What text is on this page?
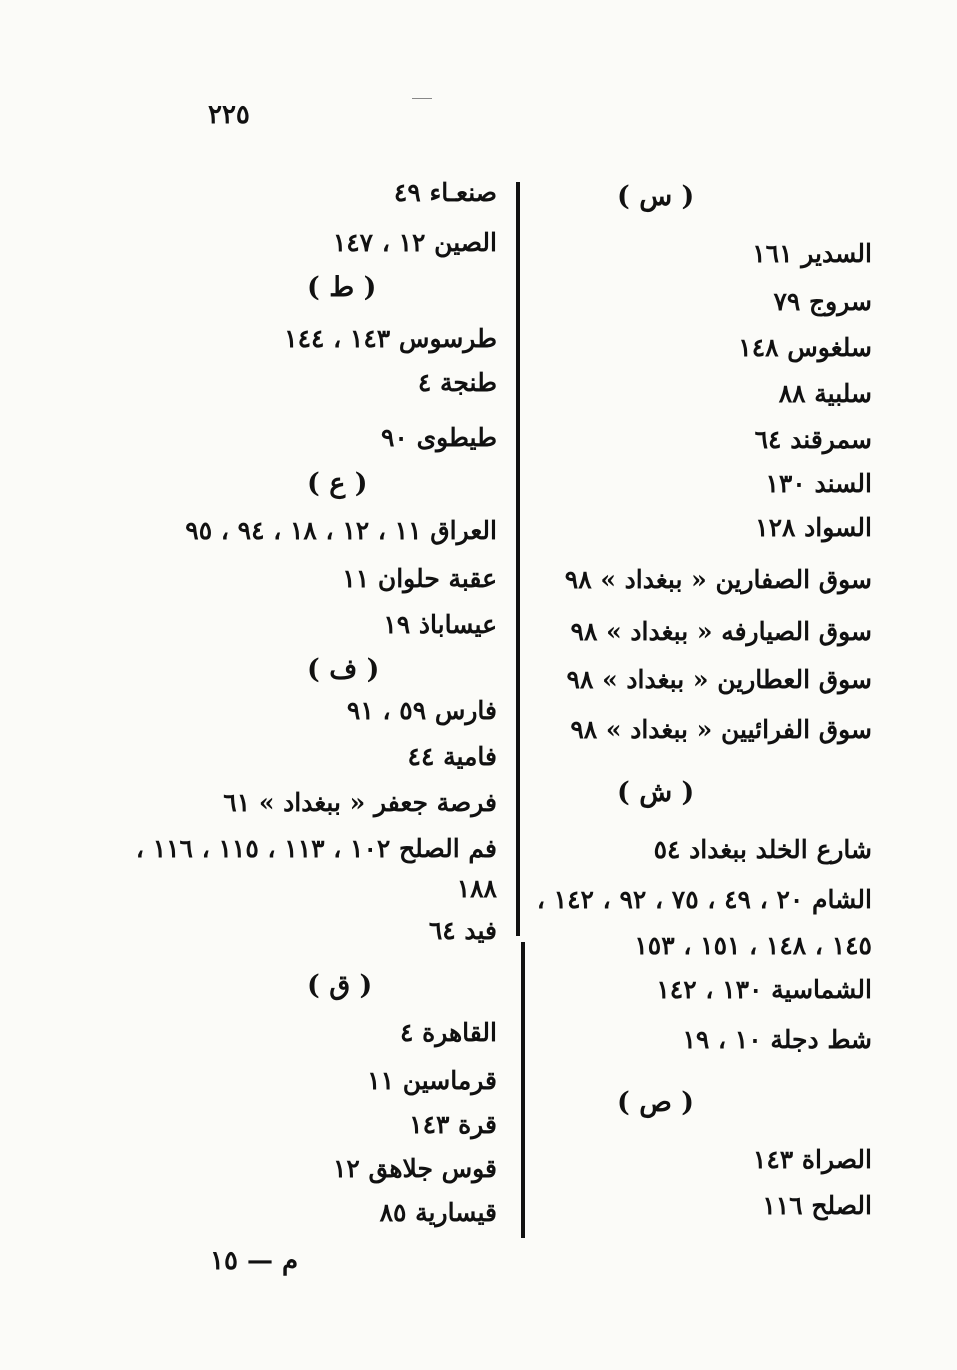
٢٢٥
صنعـاء ٤٩
الصين ١٢ ، ١٤٧
( ط )
طرسوس ١٤٣ ، ١٤٤
طنجة ٤
طيطوى ٩٠
( ع )
العراق ١١ ، ١٢ ، ١٨ ، ٩٤ ، ٩٥
عقبة حلوان ١١
عيساباذ ١٩
( ف )
فارس ٥٩ ، ٩١
فامية ٤٤
فرصة جعفر « ببغداد » ٦١
فم الصلح ١٠٢ ، ١١٣ ، ١١٥ ، ١١٦ ،
١٨٨
فيد ٦٤
( ق )
القاهرة ٤
قرماسين ١١
قرة ١٤٣
قوس جلاهق ١٢
قيسارية ٨٥
( س )
السدير ١٦١
سروج ٧٩
سلغوس ١٤٨
سلبية ٨٨
سمرقند ٦٤
السند ١٣٠
السواد ١٢٨
سوق الصفارين « ببغداد » ٩٨
سوق الصيارفه « ببغداد » ٩٨
سوق العطارين « ببغداد » ٩٨
سوق الفرائيين « ببغداد » ٩٨
( ش )
شارع الخلد ببغداد ٥٤
الشام ٢٠ ، ٤٩ ، ٧٥ ، ٩٢ ، ١٤٢ ،
١٤٥ ، ١٤٨ ، ١٥١ ، ١٥٣
الشماسية ١٣٠ ، ١٤٢
شط دجلة ١٠ ، ١٩
( ص )
الصراة ١٤٣
الصلح ١١٦
م — ١٥
